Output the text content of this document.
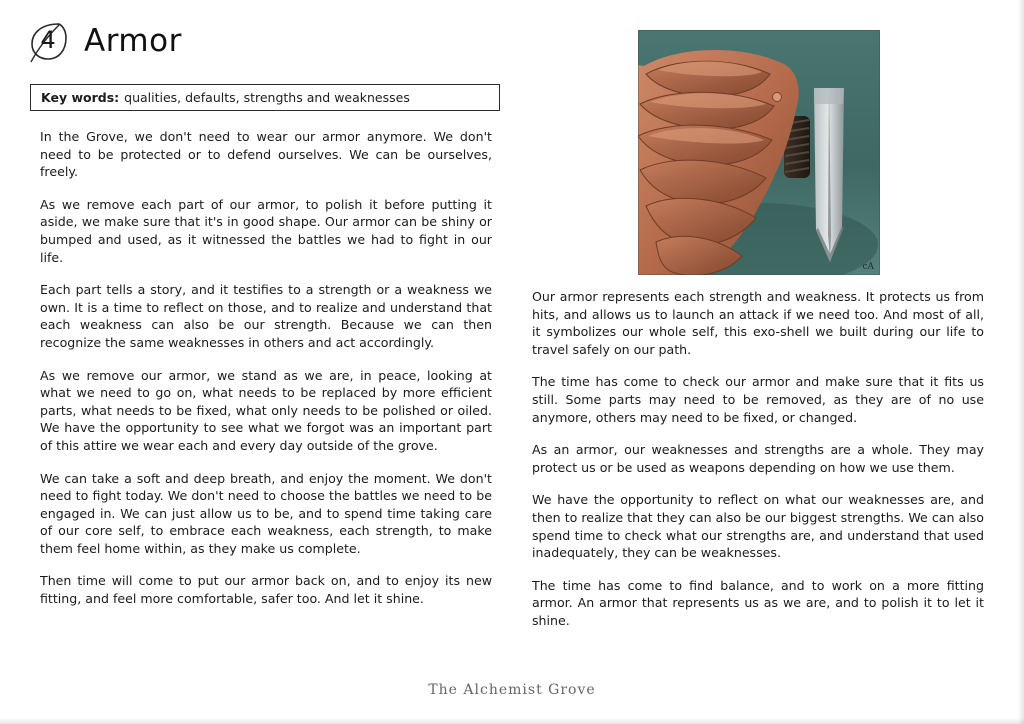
4 Armor
Key words: qualities, defaults, strengths and weaknesses
cA

In the Grove, we don't need to wear our armor anymore. We don't need to be protected or to defend ourselves. We can be ourselves, freely.

As we remove each part of our armor, to polish it before putting it aside, we make sure that it's in good shape. Our armor can be shiny or bumped and used, as it witnessed the battles we had to fight in our life.

Each part tells a story, and it testifies to a strength or a weakness we own. It is a time to reflect on those, and to realize and understand that each weakness can also be our strength. Because we can then recognize the same weaknesses in others and act accordingly.

As we remove our armor, we stand as we are, in peace, looking at what we need to go on, what needs to be replaced by more efficient parts, what needs to be fixed, what only needs to be polished or oiled. We have the opportunity to see what we forgot was an important part of this attire we wear each and every day outside of the grove.

We can take a soft and deep breath, and enjoy the moment. We don't need to fight today. We don't need to choose the battles we need to be engaged in. We can just allow us to be, and to spend time taking care of our core self, to embrace each weakness, each strength, to make them feel home within, as they make us complete.

Then time will come to put our armor back on, and to enjoy its new fitting, and feel more comfortable, safer too. And let it shine.

Our armor represents each strength and weakness. It protects us from hits, and allows us to launch an attack if we need too. And most of all, it symbolizes our whole self, this exo-shell we built during our life to travel safely on our path.

The time has come to check our armor and make sure that it fits us still. Some parts may need to be removed, as they are of no use anymore, others may need to be fixed, or changed.

As an armor, our weaknesses and strengths are a whole. They may protect us or be used as weapons depending on how we use them.

We have the opportunity to reflect on what our weaknesses are, and then to realize that they can also be our biggest strengths. We can also spend time to check what our strengths are, and understand that used inadequately, they can be weaknesses.

The time has come to find balance, and to work on a more fitting armor. An armor that represents us as we are, and to polish it to let it shine.

The Alchemist Grove
